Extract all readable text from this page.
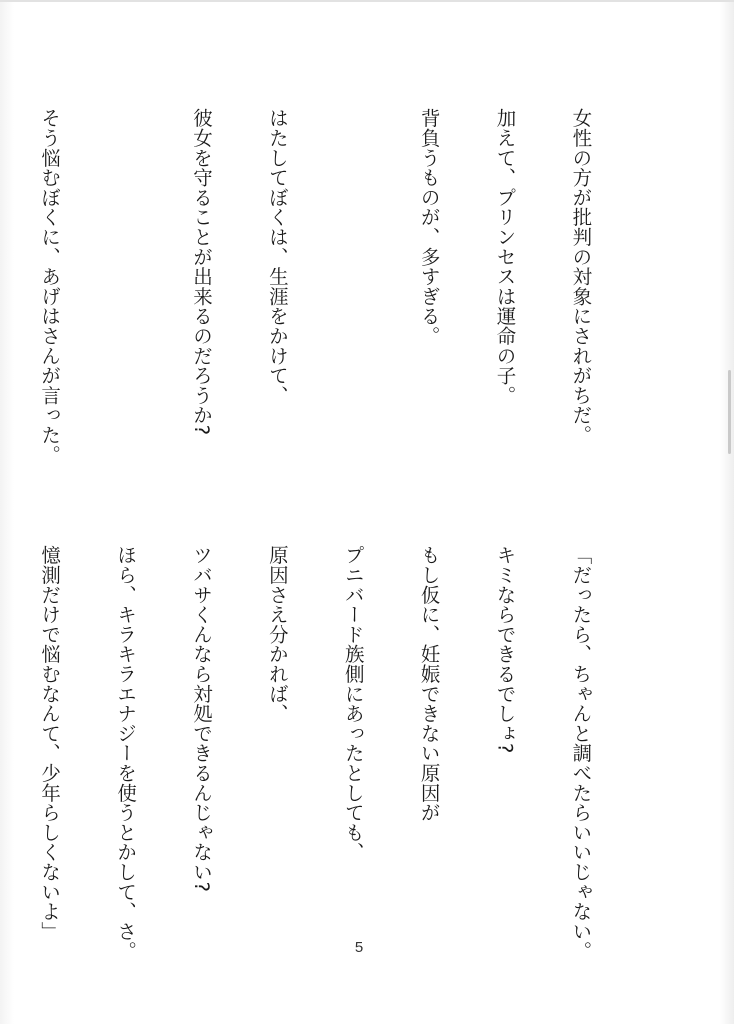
女性の方が批判の対象にされがちだ。

加えて、プリンセスは運命の子。

背負うものが、多すぎる。

はたしてぼくは、生涯をかけて、

彼女を守ることが出来るのだろうか?

そう悩むぼくに、あげはさんが言った。

「だったら、ちゃんと調べたらいいじゃない。

キミならできるでしょ?

もし仮に、妊娠できない原因が

プニバード族側にあったとしても、

原因さえ分かれば、

ツバサくんなら対処できるんじゃない?

ほら、キラキラエナジーを使うとかして、さ。

憶測だけで悩むなんて、少年らしくないよ」

5
